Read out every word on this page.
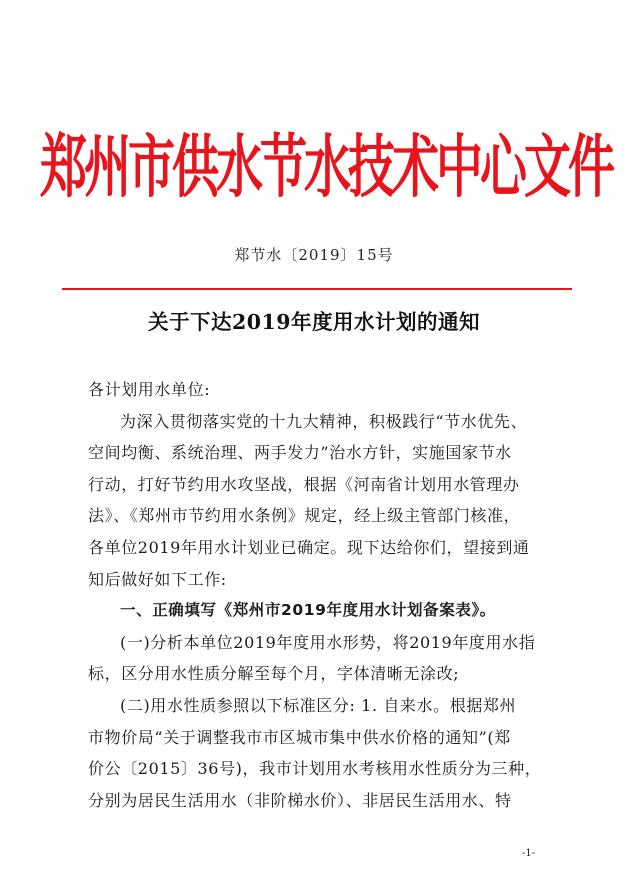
郑州市供水节水技术中心文件
郑节水〔2019〕15号
关于下达2019年度用水计划的通知
各计划用水单位:
为深入贯彻落实党的十九大精神，积极践行“节水优先、
空间均衡、系统治理、两手发力”治水方针，实施国家节水
行动，打好节约用水攻坚战，根据《河南省计划用水管理办
法》、《郑州市节约用水条例》规定，经上级主管部门核准，
各单位2019年用水计划业已确定。现下达给你们，望接到通
知后做好如下工作:
一、正确填写《郑州市2019年度用水计划备案表》。
(一)分析本单位2019年度用水形势，将2019年度用水指
标，区分用水性质分解至每个月，字体清晰无涂改;
(二)用水性质参照以下标准区分: 1. 自来水。根据郑州
市物价局“关于调整我市市区城市集中供水价格的通知”(郑
价公〔2015〕36号)，我市计划用水考核用水性质分为三种，
分别为居民生活用水（非阶梯水价）、非居民生活用水、特
-1-
